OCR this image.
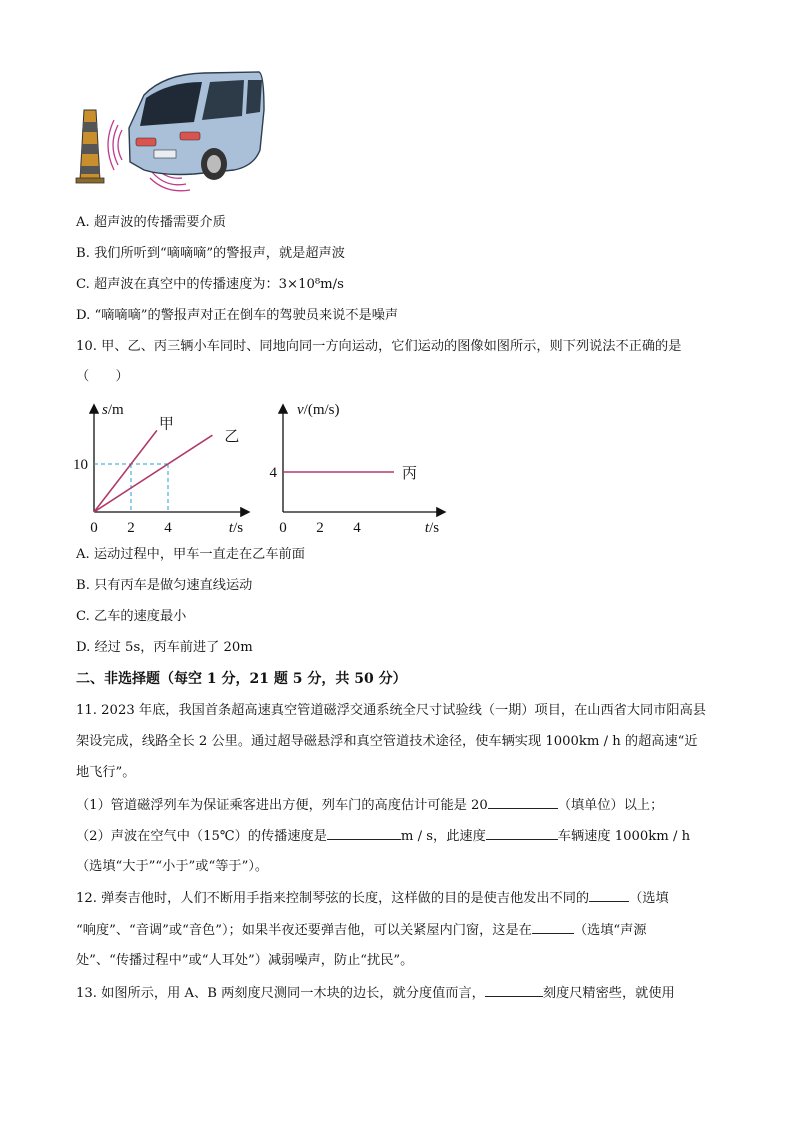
A. 超声波的传播需要介质
B. 我们所听到“嘀嘀嘀”的警报声，就是超声波
C. 超声波在真空中的传播速度为：3×10⁸m/s
D. “嘀嘀嘀”的警报声对正在倒车的驾驶员来说不是噪声
10. 甲、乙、丙三辆小车同时、同地向同一方向运动，它们运动的图像如图所示，则下列说法不正确的是
（　　）
s/m
t/s
0 2 4
10
甲
乙
v/(m/s)
t/s
0 2 4
4	丙
A. 运动过程中，甲车一直走在乙车前面
B. 只有丙车是做匀速直线运动
C. 乙车的速度最小
D. 经过 5s，丙车前进了 20m
二、非选择题（每空 1 分，21 题 5 分，共 50 分）
11. 2023 年底，我国首条超高速真空管道磁浮交通系统全尺寸试验线（一期）项目，在山西省大同市阳高县
架设完成，线路全长 2 公里。通过超导磁悬浮和真空管道技术途径，使车辆实现 1000km / h 的超高速“近
地飞行”。
（1）管道磁浮列车为保证乘客进出方便，列车门的高度估计可能是 20	（填单位）以上；
（2）声波在空气中（15℃）的传播速度是	m / s，此速度	车辆速度 1000km / h
（选填“大于”“小于”或“等于”）。
12. 弹奏吉他时，人们不断用手指来控制琴弦的长度，这样做的目的是使吉他发出不同的	（选填
“响度”、“音调”或“音色”）；如果半夜还要弹吉他，可以关紧屋内门窗，这是在	（选填“声源
处”、“传播过程中”或“人耳处”）减弱噪声，防止“扰民”。
13. 如图所示，用 A、B 两刻度尺测同一木块的边长，就分度值而言，	刻度尺精密些，就使用
